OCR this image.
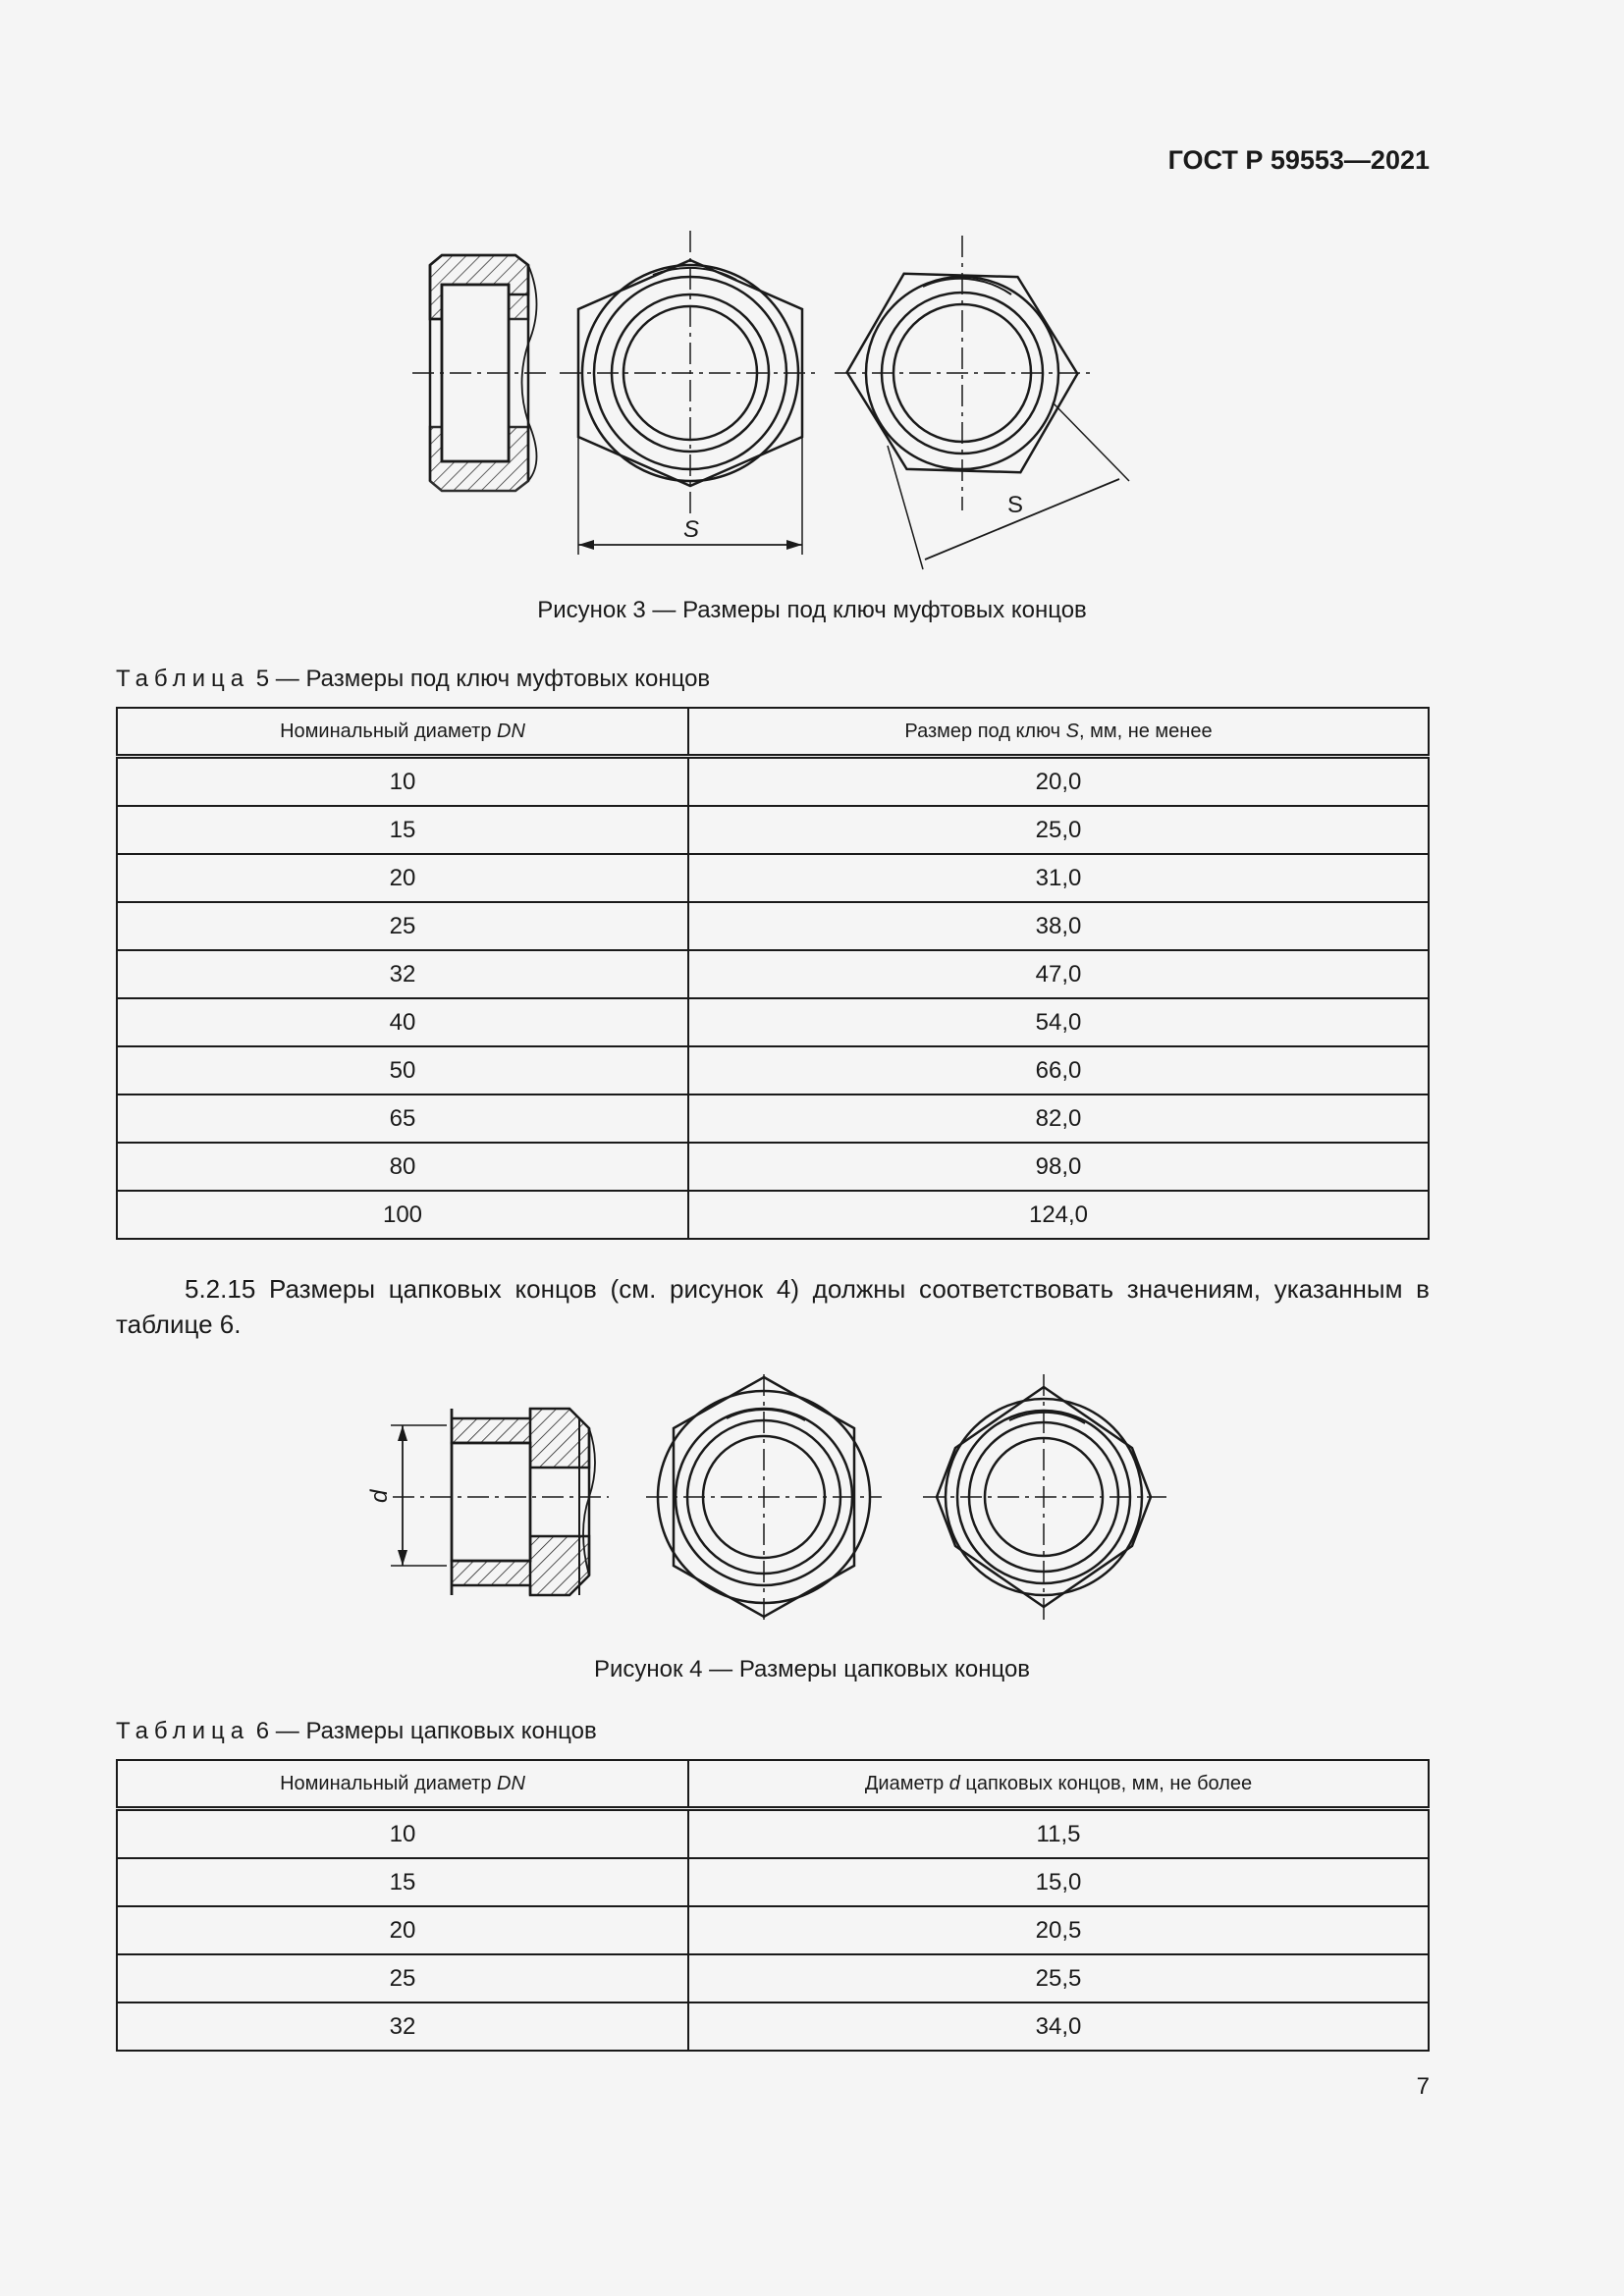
ГОСТ Р 59553—2021
S
S
Рисунок 3 — Размеры под ключ муфтовых концов
Таблица 5 — Размеры под ключ муфтовых концов
Номинальный диаметр DN	Размер под ключ S, мм, не менее
10	20,0
15	25,0
20	31,0
25	38,0
32	47,0
40	54,0
50	66,0
65	82,0
80	98,0
100	124,0
5.2.15 Размеры цапковых концов (см. рисунок 4) должны соответствовать значениям, указанным в таблице 6.
d
Рисунок 4 — Размеры цапковых концов
Таблица 6 — Размеры цапковых концов
Номинальный диаметр DN	Диаметр d цапковых концов, мм, не более
10	11,5
15	15,0
20	20,5
25	25,5
32	34,0
7
